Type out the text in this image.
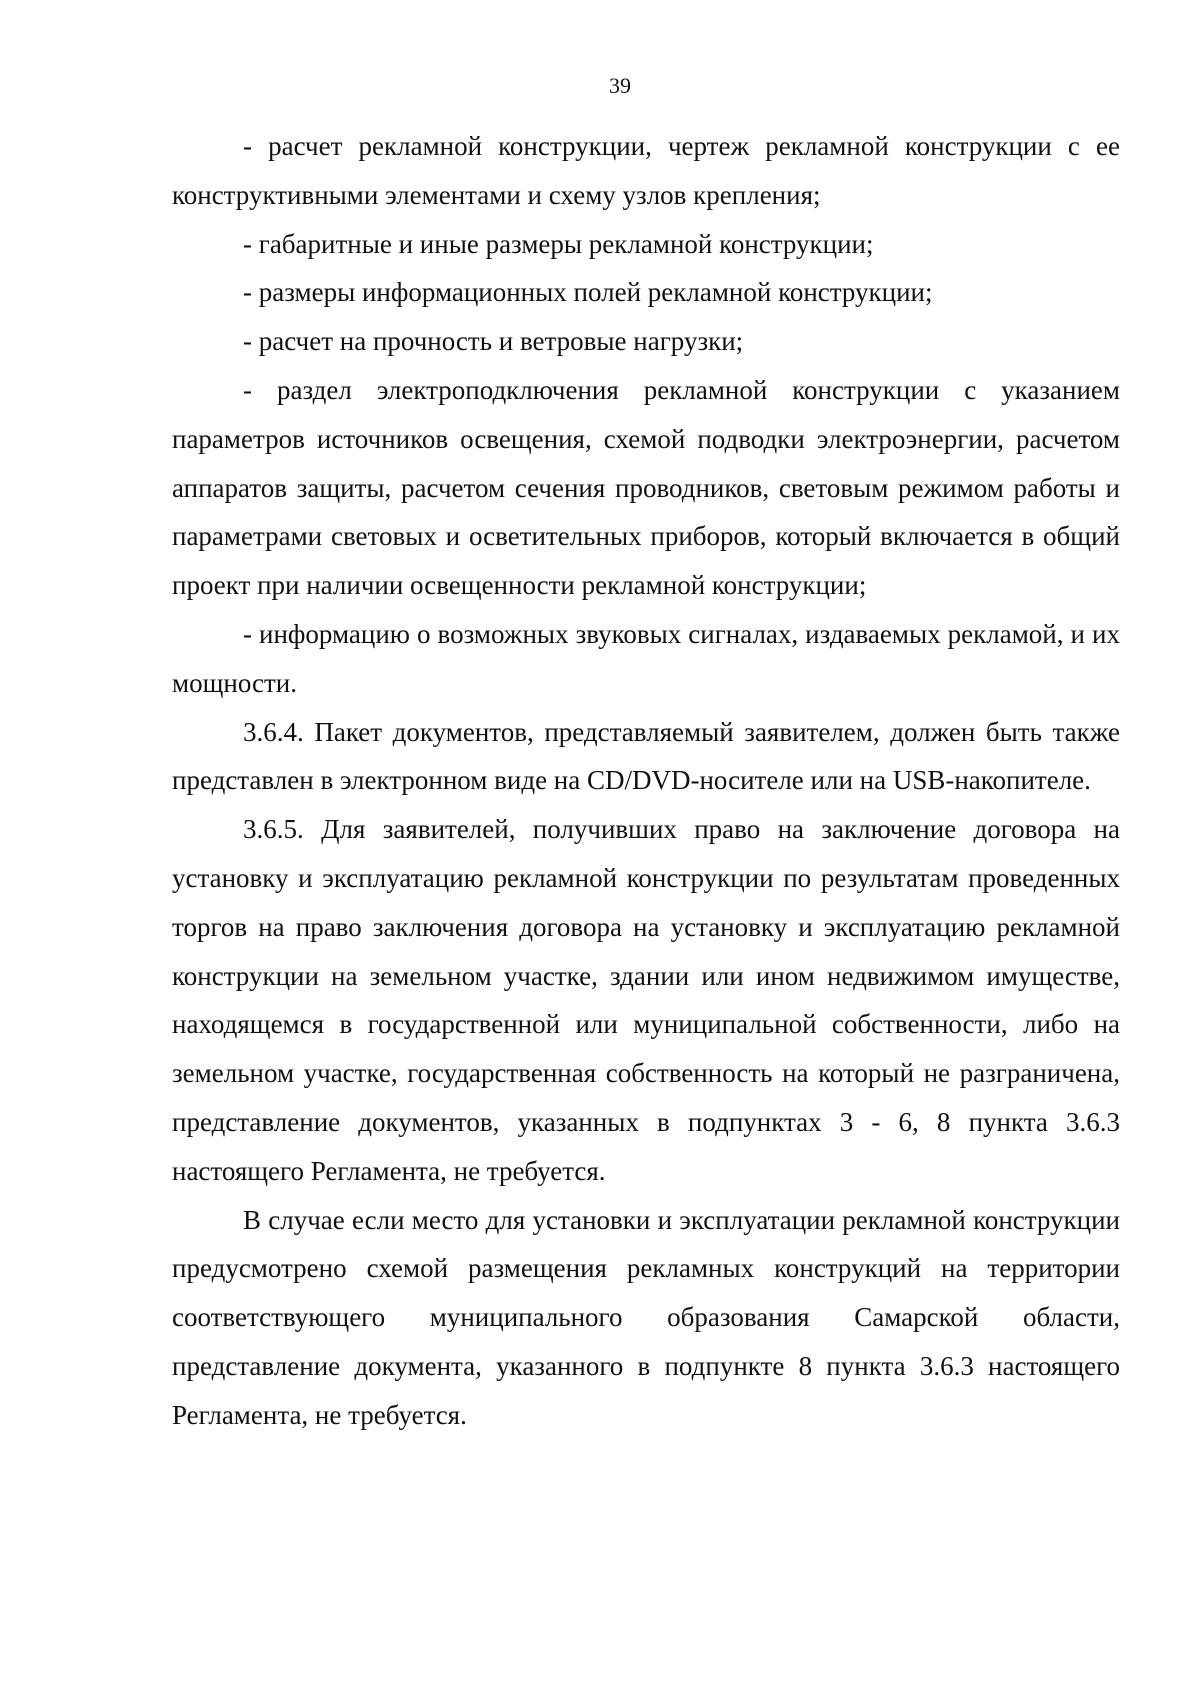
39

- расчет рекламной конструкции, чертеж рекламной конструкции с ее конструктивными элементами и схему узлов крепления;

- габаритные и иные размеры рекламной конструкции;

- размеры информационных полей рекламной конструкции;

- расчет на прочность и ветровые нагрузки;

- раздел электроподключения рекламной конструкции с указанием параметров источников освещения, схемой подводки электроэнергии, расчетом аппаратов защиты, расчетом сечения проводников, световым режимом работы и параметрами световых и осветительных приборов, который включается в общий проект при наличии освещенности рекламной конструкции;

- информацию о возможных звуковых сигналах, издаваемых рекламой, и их мощности.

3.6.4. Пакет документов, представляемый заявителем, должен быть также представлен в электронном виде на CD/DVD-носителе или на USB-накопителе.

3.6.5. Для заявителей, получивших право на заключение договора на установку и эксплуатацию рекламной конструкции по результатам проведенных торгов на право заключения договора на установку и эксплуатацию рекламной конструкции на земельном участке, здании или ином недвижимом имуществе, находящемся в государственной или муниципальной собственности, либо на земельном участке, государственная собственность на который не разграничена, представление документов, указанных в подпунктах 3 - 6, 8 пункта 3.6.3 настоящего Регламента, не требуется.

В случае если место для установки и эксплуатации рекламной конструкции предусмотрено схемой размещения рекламных конструкций на территории соответствующего муниципального образования Самарской области, представление документа, указанного в подпункте 8 пункта 3.6.3 настоящего Регламента, не требуется.
